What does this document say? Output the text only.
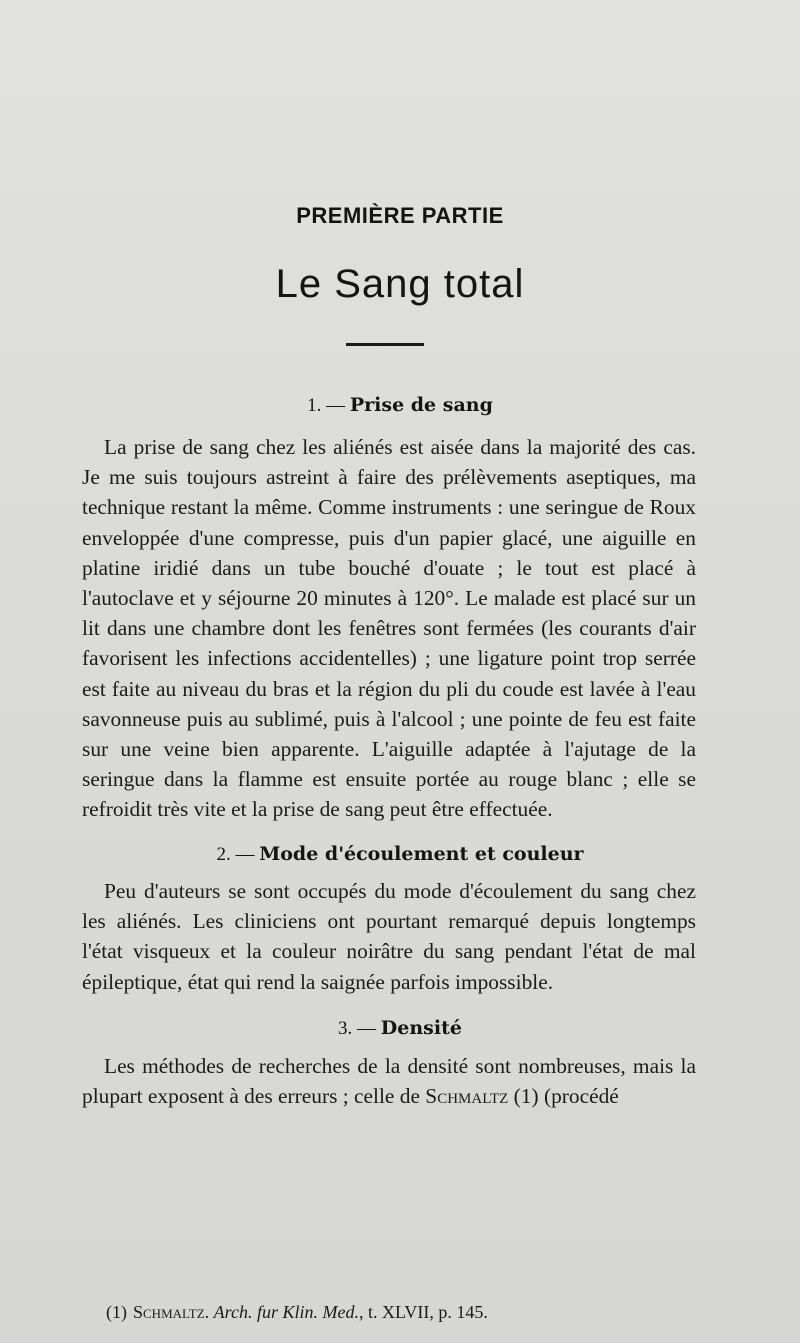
PREMIÈRE PARTIE
Le Sang total
1. — Prise de sang

La prise de sang chez les aliénés est aisée dans la majorité des cas. Je me suis toujours astreint à faire des prélèvements aseptiques, ma technique restant la même. Comme instruments : une seringue de Roux enveloppée d'une compresse, puis d'un papier glacé, une aiguille en platine iridié dans un tube bouché d'ouate ; le tout est placé à l'autoclave et y séjourne 20 minutes à 120°. Le malade est placé sur un lit dans une chambre dont les fenêtres sont fermées (les courants d'air favorisent les infections accidentelles) ; une ligature point trop serrée est faite au niveau du bras et la région du pli du coude est lavée à l'eau savonneuse puis au sublimé, puis à l'alcool ; une pointe de feu est faite sur une veine bien apparente. L'aiguille adaptée à l'ajutage de la seringue dans la flamme est ensuite portée au rouge blanc ; elle se refroidit très vite et la prise de sang peut être effectuée.

2. — Mode d'écoulement et couleur

Peu d'auteurs se sont occupés du mode d'écoulement du sang chez les aliénés. Les cliniciens ont pourtant remarqué depuis longtemps l'état visqueux et la couleur noirâtre du sang pendant l'état de mal épileptique, état qui rend la saignée parfois impossible.

3. — Densité

Les méthodes de recherches de la densité sont nombreuses, mais la plupart exposent à des erreurs ; celle de Schmaltz (1) (procédé

(1) Schmaltz. Arch. fur Klin. Med., t. XLVII, p. 145.
